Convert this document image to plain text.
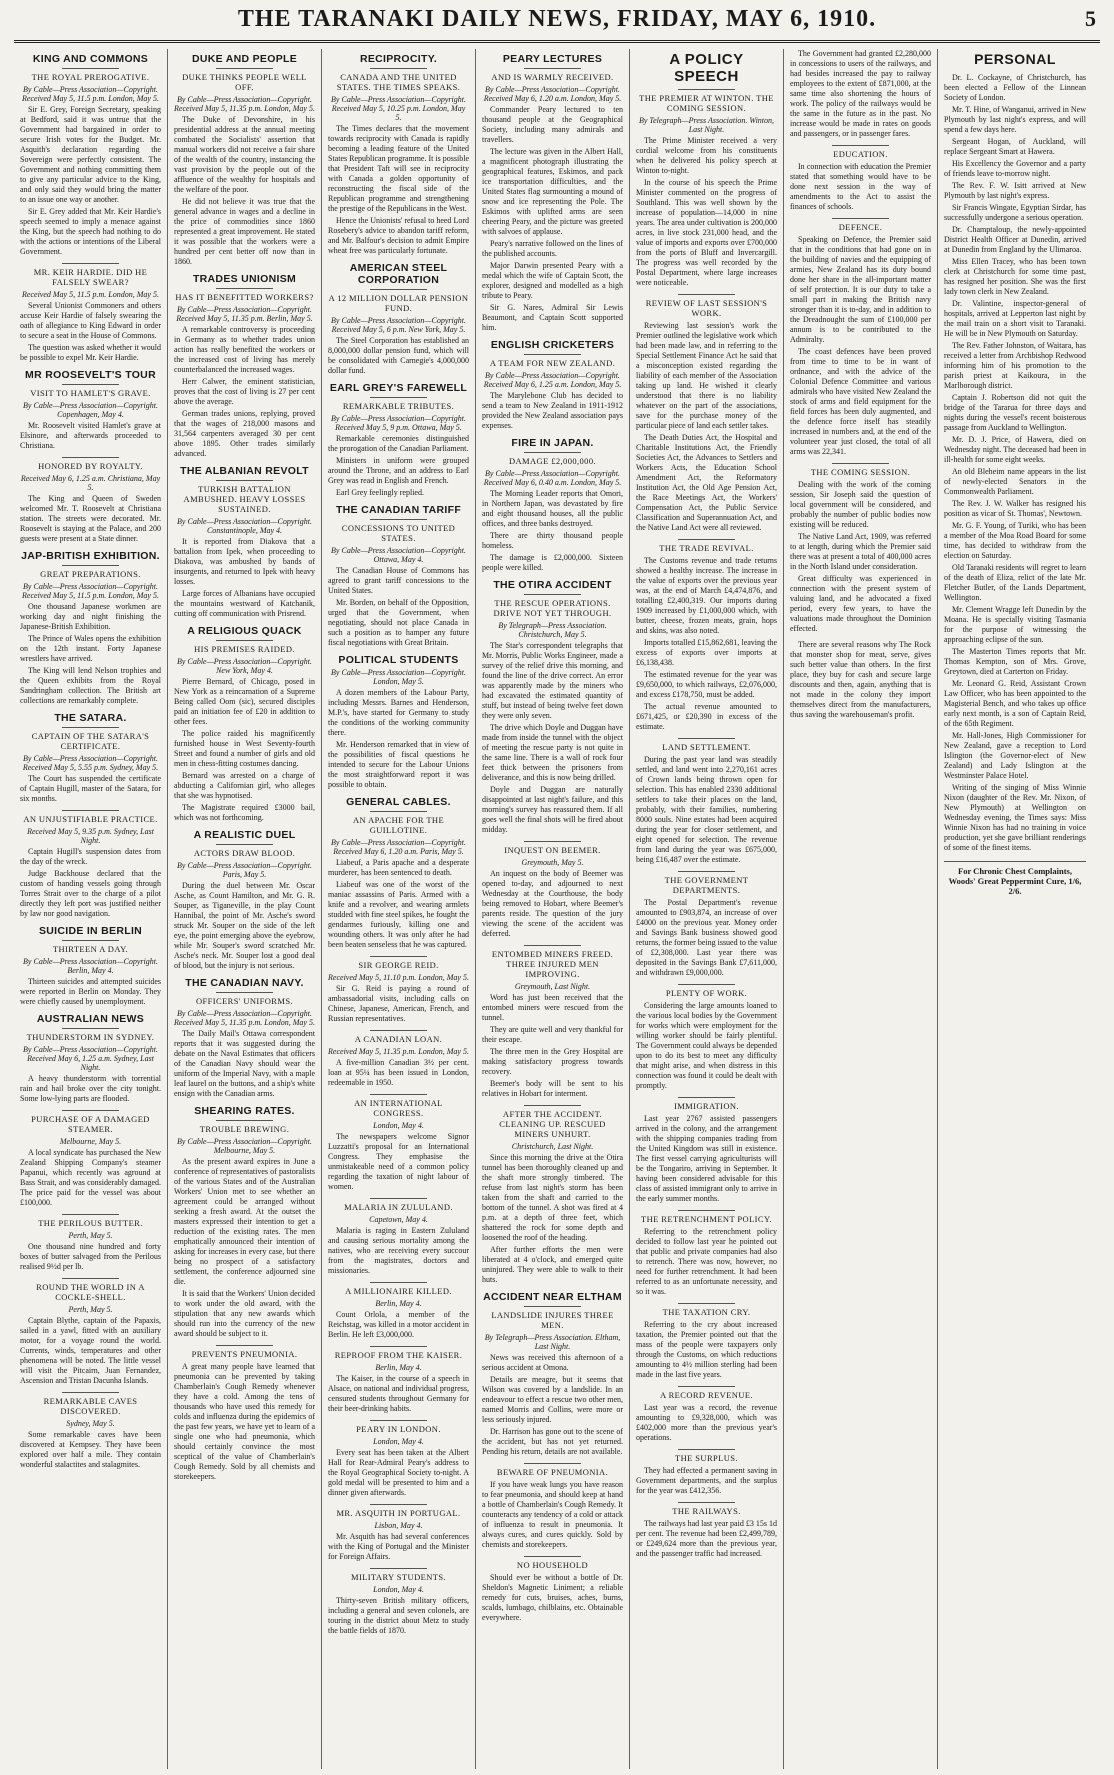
THE TARANAKI DAILY NEWS, FRIDAY, MAY 6, 1910.	5
KING AND COMMONS
THE ROYAL PREROGATIVE.
By Cable—Press Association—Copyright. Received May 5, 11.5 p.m. London, May 5.

Sir E. Grey, Foreign Secretary, speaking at Bedford, said it was untrue that the Government had bargained in order to secure Irish votes for the Budget. Mr. Asquith's declaration regarding the Sovereign were perfectly consistent. The Government and nothing committing them to give any particular advice to the King, and only said they would bring the matter to an issue one way or another.

Sir E. Grey added that Mr. Keir Hardie's speech seemed to imply a menace against the King, but the speech had nothing to do with the actions or intentions of the Liberal Government.

MR. KEIR HARDIE. DID HE FALSELY SWEAR?
Received May 5, 11.5 p.m. London, May 5.

Several Unionist Commoners and others accuse Keir Hardie of falsely swearing the oath of allegiance to King Edward in order to secure a seat in the House of Commons.

The question was asked whether it would be possible to expel Mr. Keir Hardie.

MR ROOSEVELT'S TOUR
VISIT TO HAMLET'S GRAVE.
By Cable—Press Association—Copyright. Copenhagen, May 4.

Mr. Roosevelt visited Hamlet's grave at Elsinore, and afterwards proceeded to Christiana.

HONORED BY ROYALTY.
Received May 6, 1.25 a.m. Christiana, May 5.

The King and Queen of Sweden welcomed Mr. T. Roosevelt at Christiana station. The streets were decorated. Mr. Roosevelt is staying at the Palace, and 200 guests were present at a State dinner.

JAP-BRITISH EXHIBITION.
GREAT PREPARATIONS.
By Cable—Press Association—Copyright. Received May 5, 11.5 p.m. London, May 5.

One thousand Japanese workmen are working day and night finishing the Japanese-British Exhibition.

The Prince of Wales opens the exhibition on the 12th instant. Forty Japanese wrestlers have arrived.

The King will lend Nelson trophies and the Queen exhibits from the Royal Sandringham collection. The British art collections are remarkably complete.

THE SATARA.
CAPTAIN OF THE SATARA'S CERTIFICATE.
By Cable—Press Association—Copyright. Received May 5, 5.55 p.m. Sydney, May 5.

The Court has suspended the certificate of Captain Hugill, master of the Satara, for six months.

AN UNJUSTIFIABLE PRACTICE.
Received May 5, 9.35 p.m. Sydney, Last Night.

Captain Hugill's suspension dates from the day of the wreck.

Judge Backhouse declared that the custom of handing vessels going through Torres Strait over to the charge of a pilot directly they left port was justified neither by law nor good navigation.

SUICIDE IN BERLIN
THIRTEEN A DAY.
By Cable—Press Association—Copyright. Berlin, May 4.

Thirteen suicides and attempted suicides were reported in Berlin on Monday. They were chiefly caused by unemployment.

AUSTRALIAN NEWS
THUNDERSTORM IN SYDNEY.
By Cable—Press Association—Copyright. Received May 6, 1.25 a.m. Sydney, Last Night.

A heavy thunderstorm with torrential rain and hail broke over the city tonight. Some low-lying parts are flooded.

PURCHASE OF A DAMAGED STEAMER.
Melbourne, May 5.

A local syndicate has purchased the New Zealand Shipping Company's steamer Papanui, which recently was aground at Bass Strait, and was considerably damaged. The price paid for the vessel was about £100,000.

THE PERILOUS BUTTER.
Perth, May 5.

One thousand nine hundred and forty boxes of butter salvaged from the Perilous realised 9½d per lb.

ROUND THE WORLD IN A COCKLE-SHELL.
Perth, May 5.

Captain Blythe, captain of the Papaxis, sailed in a yawl, fitted with an auxiliary motor, for a voyage round the world. Currents, winds, temperatures and other phenomena will be noted. The little vessel will visit the Pitcairn, Juan Fernandez, Ascension and Tristan Dacunha Islands.

REMARKABLE CAVES DISCOVERED.
Sydney, May 5.

Some remarkable caves have been discovered at Kempsey. They have been explored over half a mile. They contain wonderful stalactites and stalagmites.

DUKE AND PEOPLE
DUKE THINKS PEOPLE WELL OFF.
By Cable—Press Association—Copyright. Received May 5, 11.35 p.m. London, May 5.

The Duke of Devonshire, in his presidential address at the annual meeting combated the Socialists' assertion that manual workers did not receive a fair share of the wealth of the country, instancing the vast provision by the people out of the affluence of the wealthy for hospitals and the welfare of the poor.

He did not believe it was true that the general advance in wages and a decline in the price of commodities since 1860 represented a great improvement. He stated it was possible that the workers were a hundred per cent better off now than in 1860.

TRADES UNIONISM
HAS IT BENEFITTED WORKERS?
By Cable—Press Association—Copyright. Received May 5, 11.35 p.m. Berlin, May 5.

A remarkable controversy is proceeding in Germany as to whether trades union action has really benefited the workers or the increased cost of living has merely counterbalanced the increased wages.

Herr Calwer, the eminent statistician, proves that the cost of living is 27 per cent above the average.

German trades unions, replying, proved that the wages of 218,000 masons and 31,564 carpenters averaged 30 per cent above 1895. Other trades similarly advanced.

THE ALBANIAN REVOLT
TURKISH BATTALION AMBUSHED. HEAVY LOSSES SUSTAINED.
By Cable—Press Association—Copyright. Constantinople, May 4.

It is reported from Diakova that a battalion from Ipek, when proceeding to Diakova, was ambushed by bands of insurgents, and returned to Ipek with heavy losses.

Large forces of Albanians have occupied the mountains westward of Katchanik, cutting off communication with Prisrend.

A RELIGIOUS QUACK
HIS PREMISES RAIDED.
By Cable—Press Association—Copyright. New York, May 4.

Pierre Bernard, of Chicago, posed in New York as a reincarnation of a Supreme Being called Oom (sic), secured disciples paid an initiation fee of £20 in addition to other fees.

The police raided his magnificently furnished house in West Seventy-fourth Street and found a number of girls and old men in chess-fitting costumes dancing.

Bernard was arrested on a charge of abducting a Californian girl, who alleges that she was hypnotised.

The Magistrate required £3000 bail, which was not forthcoming.

A REALISTIC DUEL
ACTORS DRAW BLOOD.
By Cable—Press Association—Copyright. Paris, May 5.

During the duel between Mr. Oscar Asche, as Count Hamilton, and Mr. G. R. Souper, as Tiganeville, in the play Count Hannibal, the point of Mr. Asche's sword struck Mr. Souper on the side of the left eye, the point emerging above the eyebrow, while Mr. Souper's sword scratched Mr. Asche's neck. Mr. Souper lost a good deal of blood, but the injury is not serious.

THE CANADIAN NAVY.
OFFICERS' UNIFORMS.
By Cable—Press Association—Copyright. Received May 5, 11.35 p.m. London, May 5.

The Daily Mail's Ottawa correspondent reports that it was suggested during the debate on the Naval Estimates that officers of the Canadian Navy should wear the uniform of the Imperial Navy, with a maple leaf laurel on the buttons, and a ship's white ensign with the Canadian arms.

SHEARING RATES.
TROUBLE BREWING.
By Cable—Press Association—Copyright. Melbourne, May 5.

As the present award expires in June a conference of representatives of pastoralists of the various States and of the Australian Workers' Union met to see whether an agreement could be arranged without seeking a fresh award. At the outset the masters expressed their intention to get a reduction of the existing rates. The men emphatically announced their intention of asking for increases in every case, but there being no prospect of a satisfactory settlement, the conference adjourned sine die.

It is said that the Workers' Union decided to work under the old award, with the stipulation that any new awards which should run into the currency of the new award should be subject to it.

PREVENTS PNEUMONIA.

A great many people have learned that pneumonia can be prevented by taking Chamberlain's Cough Remedy whenever they have a cold. Among the tens of thousands who have used this remedy for colds and influenza during the epidemics of the past few years, we have yet to learn of a single one who had pneumonia, which should certainly convince the most sceptical of the value of Chamberlain's Cough Remedy. Sold by all chemists and storekeepers.

RECIPROCITY.
CANADA AND THE UNITED STATES. THE TIMES SPEAKS.
By Cable—Press Association—Copyright. Received May 5, 10.25 p.m. London, May 5.

The Times declares that the movement towards reciprocity with Canada is rapidly becoming a leading feature of the United States Republican programme. It is possible that President Taft will see in reciprocity with Canada a golden opportunity of reconstructing the fiscal side of the Republican programme and strengthening the prestige of the Republicans in the West.

Hence the Unionists' refusal to heed Lord Rosebery's advice to abandon tariff reform, and Mr. Balfour's decision to admit Empire wheat free was particularly fortunate.

AMERICAN STEEL CORPORATION
A 12 MILLION DOLLAR PENSION FUND.
By Cable—Press Association—Copyright. Received May 5, 6 p.m. New York, May 5.

The Steel Corporation has established an 8,000,000 dollar pension fund, which will be consolidated with Carnegie's 4,000,000 dollar fund.

EARL GREY'S FAREWELL
REMARKABLE TRIBUTES.
By Cable—Press Association—Copyright. Received May 5, 9 p.m. Ottawa, May 5.

Remarkable ceremonies distinguished the prorogation of the Canadian Parliament.

Ministers in uniform were grouped around the Throne, and an address to Earl Grey was read in English and French.

Earl Grey feelingly replied.

THE CANADIAN TARIFF
CONCESSIONS TO UNITED STATES.
By Cable—Press Association—Copyright. Ottawa, May 4.

The Canadian House of Commons has agreed to grant tariff concessions to the United States.

Mr. Borden, on behalf of the Opposition, urged that the Government, when negotiating, should not place Canada in such a position as to hamper any future fiscal negotiations with Great Britain.

POLITICAL STUDENTS
By Cable—Press Association—Copyright. London, May 5.

A dozen members of the Labour Party, including Messrs. Barnes and Henderson, M.P.'s, have started for Germany to study the conditions of the working community there.

Mr. Henderson remarked that in view of the possibilities of fiscal questions he intended to secure for the Labour Unions the most straightforward report it was possible to obtain.

GENERAL CABLES.
AN APACHE FOR THE GUILLOTINE.
By Cable—Press Association—Copyright. Received May 6, 1.20 a.m. Paris, May 5.

Liabeuf, a Paris apache and a desperate murderer, has been sentenced to death.

Liabeuf was one of the worst of the maniac assassins of Paris. Armed with a knife and a revolver, and wearing armlets studded with fine steel spikes, he fought the gendarmes furiously, killing one and wounding others. It was only after he had been beaten senseless that he was captured.

SIR GEORGE REID.
Received May 5, 11.10 p.m. London, May 5.

Sir G. Reid is paying a round of ambassadorial visits, including calls on Chinese, Japanese, American, French, and Russian representatives.

A CANADIAN LOAN.
Received May 5, 11.35 p.m. London, May 5.

A five-million Canadian 3½ per cent. loan at 95¼ has been issued in London, redeemable in 1950.

AN INTERNATIONAL CONGRESS.
London, May 4.

The newspapers welcome Signor Luzzatti's proposal for an International Congress. They emphasise the unmistakeable need of a common policy regarding the taxation of night labour of women.

MALARIA IN ZULULAND.
Capetown, May 4.

Malaria is raging in Eastern Zululand and causing serious mortality among the natives, who are receiving every succour from the magistrates, doctors and missionaries.

A MILLIONAIRE KILLED.
Berlin, May 4.

Count Orlola, a member of the Reichstag, was killed in a motor accident in Berlin. He left £3,000,000.

REPROOF FROM THE KAISER.
Berlin, May 4.

The Kaiser, in the course of a speech in Alsace, on national and individual progress, censured students throughout Germany for their beer-drinking habits.

PEARY IN LONDON.
London, May 4.

Every seat has been taken at the Albert Hall for Rear-Admiral Peary's address to the Royal Geographical Society to-night. A gold medal will be presented to him and a dinner given afterwards.

MR. ASQUITH IN PORTUGAL.
Lisbon, May 4.

Mr. Asquith has had several conferences with the King of Portugal and the Minister for Foreign Affairs.

MILITARY STUDENTS.
London, May 4.

Thirty-seven British military officers, including a general and seven colonels, are touring in the district about Metz to study the battle fields of 1870.

PEARY LECTURES
AND IS WARMLY RECEIVED.
By Cable—Press Association—Copyright. Received May 6, 1.20 a.m. London, May 5.

Commander Peary lectured to ten thousand people at the Geographical Society, including many admirals and travellers.

The lecture was given in the Albert Hall, a magnificent photograph illustrating the geographical features, Eskimos, and pack ice transportation difficulties, and the United States flag surmounting a mound of snow and ice representing the Pole. The Eskimos with uplifted arms are seen cheering Peary, and the picture was greeted with salvoes of applause.

Peary's narrative followed on the lines of the published accounts.

Major Darwin presented Peary with a medal which the wife of Captain Scott, the explorer, designed and modelled as a high tribute to Peary.

Sir G. Nares, Admiral Sir Lewis Beaumont, and Captain Scott supported him.

ENGLISH CRICKETERS
A TEAM FOR NEW ZEALAND.
By Cable—Press Association—Copyright. Received May 6, 1.25 a.m. London, May 5.

The Marylebone Club has decided to send a team to New Zealand in 1911-1912 provided the New Zealand association pays expenses.

FIRE IN JAPAN.
DAMAGE £2,000,000.
By Cable—Press Association—Copyright. Received May 6, 0.40 a.m. London, May 5.

The Morning Leader reports that Omori, in Northern Japan, was devastated by fire and eight thousand houses, all the public offices, and three banks destroyed.

There are thirty thousand people homeless.

The damage is £2,000,000. Sixteen people were killed.

THE OTIRA ACCIDENT
THE RESCUE OPERATIONS. DRIVE NOT YET THROUGH.
By Telegraph—Press Association. Christchurch, May 5.

The Star's correspondent telegraphs that Mr. Morris, Public Works Engineer, made a survey of the relief drive this morning, and found the line of the drive correct. An error was apparently made by the miners who had excavated the estimated quantity of stuff, but instead of being twelve feet down they were only seven.

The drive which Doyle and Duggan have made from inside the tunnel with the object of meeting the rescue party is not quite in the same line. There is a wall of rock four feet thick between the prisoners from deliverance, and this is now being drilled.

Doyle and Duggan are naturally disappointed at last night's failure, and this morning's survey has reassured them. If all goes well the final shots will be fired about midday.

INQUEST ON BEEMER.
Greymouth, May 5.

An inquest on the body of Beemer was opened to-day, and adjourned to next Wednesday at the Courthouse, the body being removed to Hobart, where Beemer's parents reside. The question of the jury viewing the scene of the accident was deferred.

ENTOMBED MINERS FREED. THREE INJURED MEN IMPROVING.
Greymouth, Last Night.

Word has just been received that the entombed miners were rescued from the tunnel.

They are quite well and very thankful for their escape.

The three men in the Grey Hospital are making satisfactory progress towards recovery.

Beemer's body will be sent to his relatives in Hobart for interment.

AFTER THE ACCIDENT. CLEANING UP. RESCUED MINERS UNHURT.
Christchurch, Last Night.

Since this morning the drive at the Otira tunnel has been thoroughly cleaned up and the shaft more strongly timbered. The refuse from last night's storm has been taken from the shaft and carried to the bottom of the tunnel. A shot was fired at 4 p.m. at a depth of three feet, which shattered the rock for some depth and loosened the roof of the heading.

After further efforts the men were liberated at 4 o'clock, and emerged quite uninjured. They were able to walk to their huts.

ACCIDENT NEAR ELTHAM
LANDSLIDE INJURES THREE MEN.
By Telegraph—Press Association. Eltham, Last Night.

News was received this afternoon of a serious accident at Omona.

Details are meagre, but it seems that Wilson was covered by a landslide. In an endeavour to effect a rescue two other men, named Morris and Collins, were more or less seriously injured.

Dr. Harrison has gone out to the scene of the accident, but has not yet returned. Pending his return, details are not available.

BEWARE OF PNEUMONIA.

If you have weak lungs you have reason to fear pneumonia, and should keep at hand a bottle of Chamberlain's Cough Remedy. It counteracts any tendency of a cold or attack of influenza to result in pneumonia. It always cures, and cures quickly. Sold by chemists and storekeepers.

NO HOUSEHOLD

Should ever be without a bottle of Dr. Sheldon's Magnetic Liniment; a reliable remedy for cuts, bruises, aches, burns, scalds, lumbago, chilblains, etc. Obtainable everywhere.

A POLICY SPEECH
THE PREMIER AT WINTON. THE COMING SESSION.
By Telegraph—Press Association. Winton, Last Night.

The Prime Minister received a very cordial welcome from his constituents when he delivered his policy speech at Winton to-night.

In the course of his speech the Prime Minister commented on the progress of Southland. This was well shown by the increase of population—14,000 in nine years. The area under cultivation is 200,000 acres, in live stock 231,000 head, and the value of imports and exports over £700,000 from the ports of Bluff and Invercargill. The progress was well recorded by the Postal Department, where large increases were noticeable.

REVIEW OF LAST SESSION'S WORK.

Reviewing last session's work the Premier outlined the legislative work which had been made law, and in referring to the Special Settlement Finance Act he said that a misconception existed regarding the liability of each member of the Association taking up land. He wished it clearly understood that there is no liability whatever on the part of the associations, save for the purchase money of the particular piece of land each settler takes.

The Death Duties Act, the Hospital and Charitable Institutions Act, the Friendly Societies Act, the Advances to Settlers and Workers Acts, the Education School Amendment Act, the Reformatory Institution Act, the Old Age Pension Act, the Race Meetings Act, the Workers' Compensation Act, the Public Service Classification and Superannuation Act, and the Native Land Act were all reviewed.

THE TRADE REVIVAL.

The Customs revenue and trade returns showed a healthy increase. The increase in the value of exports over the previous year was, at the end of March £4,474,876, and totalling £2,400,319. Our imports during 1909 increased by £1,000,000 which, with butter, cheese, frozen meats, grain, hops and skins, was also noted.

Imports totalled £15,862,681, leaving the excess of exports over imports at £6,138,438.

The estimated revenue for the year was £9,650,000, to which railways, £2,076,000, and excess £178,750, must be added.

The actual revenue amounted to £671,425, or £20,390 in excess of the estimate.

LAND SETTLEMENT.

During the past year land was steadily settled, and land went into 2,270,161 acres of Crown lands being thrown open for selection. This has enabled 2330 additional settlers to take their places on the land, probably, with their families, numbering 8000 souls. Nine estates had been acquired during the year for closer settlement, and eight opened for selection. The revenue from land during the year was £675,000, being £16,487 over the estimate.

THE GOVERNMENT DEPARTMENTS.

The Postal Department's revenue amounted to £903,874, an increase of over £4000 on the previous year. Money order and Savings Bank business showed good returns, the former being issued to the value of £2,308,000. Last year there was deposited in the Savings Bank £7,611,000, and withdrawn £9,000,000.

PLENTY OF WORK.

Considering the large amounts loaned to the various local bodies by the Government for works which were employment for the willing worker should be fairly plentiful. The Government could always be depended upon to do its best to meet any difficulty that might arise, and when distress in this connection was found it could be dealt with promptly.

IMMIGRATION.

Last year 2767 assisted passengers arrived in the colony, and the arrangement with the shipping companies trading from the United Kingdom was still in existence. The first vessel carrying agriculturists will be the Tongariro, arriving in September. It having been considered advisable for this class of assisted immigrant only to arrive in the early summer months.

THE RETRENCHMENT POLICY.

Referring to the retrenchment policy decided to follow last year he pointed out that public and private companies had also to retrench. There was now, however, no need for further retrenchment. It had been referred to as an unfortunate necessity, and so it was.

THE TAXATION CRY.

Referring to the cry about increased taxation, the Premier pointed out that the mass of the people were taxpayers only through the Customs, on which reductions amounting to 4½ million sterling had been made in the last five years.

A RECORD REVENUE.

Last year was a record, the revenue amounting to £9,328,000, which was £402,000 more than the previous year's operations.

THE SURPLUS.

They had effected a permanent saving in Government departments, and the surplus for the year was £412,356.

THE RAILWAYS.

The railways had last year paid £3 15s 1d per cent. The revenue had been £2,499,789, or £249,624 more than the previous year, and the passenger traffic had increased.

The Government had granted £2,280,000 in concessions to users of the railways, and had besides increased the pay to railway employees to the extent of £871,000, at the same time also shortening the hours of work. The policy of the railways would be the same in the future as in the past. No increase would be made in rates on goods and passengers, or in passenger fares.

EDUCATION.

In connection with education the Premier stated that something would have to be done next session in the way of amendments to the Act to assist the finances of schools.

DEFENCE.

Speaking on Defence, the Premier said that in the conditions that had gone on in the building of navies and the equipping of armies, New Zealand has its duty bound done her share in the all-important matter of self protection. It is our duty to take a small part in making the British navy stronger than it is to-day, and in addition to the Dreadnought the sum of £100,000 per annum is to be contributed to the Admiralty.

The coast defences have been proved from time to time to be in want of ordnance, and with the advice of the Colonial Defence Committee and various admirals who have visited New Zealand the stock of arms and field equipment for the field forces has been duly augmented, and the defence force itself has steadily increased in numbers and, at the end of the volunteer year just closed, the total of all arms was 22,341.

THE COMING SESSION.

Dealing with the work of the coming session, Sir Joseph said the question of local government will be considered, and probably the number of public bodies now existing will be reduced.

The Native Land Act, 1909, was referred to at length, during which the Premier said there was at present a total of 400,000 acres in the North Island under consideration.

Great difficulty was experienced in connection with the present system of valuing land, and he advocated a fixed period, every few years, to have the valuations made throughout the Dominion effected.

There are several reasons why The Rock that monster shop for meat, serve, gives such better value than others. In the first place, they buy for cash and secure large discounts and then, again, anything that is not made in the colony they import themselves direct from the manufacturers, thus saving the warehouseman's profit.

PERSONAL

Dr. L. Cockayne, of Christchurch, has been elected a Fellow of the Linnean Society of London.

Mr. T. Hine, of Wanganui, arrived in New Plymouth by last night's express, and will spend a few days here.

Sergeant Hogan, of Auckland, will replace Sergeant Smart at Hawera.

His Excellency the Governor and a party of friends leave to-morrow night.

The Rev. F. W. Isitt arrived at New Plymouth by last night's express.

Sir Francis Wingate, Egyptian Sirdar, has successfully undergone a serious operation.

Dr. Champtaloup, the newly-appointed District Health Officer at Dunedin, arrived at Dunedin from England by the Ulimaroa.

Miss Ellen Tracey, who has been town clerk at Christchurch for some time past, has resigned her position. She was the first lady town clerk in New Zealand.

Dr. Valintine, inspector-general of hospitals, arrived at Lepperton last night by the mail train on a short visit to Taranaki. He will be in New Plymouth on Saturday.

The Rev. Father Johnston, of Waitara, has received a letter from Archbishop Redwood informing him of his promotion to the parish priest at Kaikoura, in the Marlborough district.

Captain J. Robertson did not quit the bridge of the Tararua for three days and nights during the vessel's recent boisterous passage from Auckland to Wellington.

Mr. D. J. Price, of Hawera, died on Wednesday night. The deceased had been in ill-health for some eight weeks.

An old Bleheim name appears in the list of newly-elected Senators in the Commonwealth Parliament.

The Rev. J. W. Walker has resigned his position as vicar of St. Thomas', Newtown.

Mr. G. F. Young, of Turiki, who has been a member of the Moa Road Board for some time, has decided to withdraw from the election on Saturday.

Old Taranaki residents will regret to learn of the death of Eliza, relict of the late Mr. Fletcher Butler, of the Lands Department, Wellington.

Mr. Clement Wragge left Dunedin by the Moana. He is specially visiting Tasmania for the purpose of witnessing the approaching eclipse of the sun.

The Masterton Times reports that Mr. Thomas Kempton, son of Mrs. Grove, Greytown, died at Carterton on Friday.

Mr. Leonard G. Reid, Assistant Crown Law Officer, who has been appointed to the Magisterial Bench, and who takes up office early next month, is a son of Captain Reid, of the 65th Regiment.

Mr. Hall-Jones, High Commissioner for New Zealand, gave a reception to Lord Islington (the Governor-elect of New Zealand) and Lady Islington at the Westminster Palace Hotel.

Writing of the singing of Miss Winnie Nixon (daughter of the Rev. Mr. Nixon, of New Plymouth) at Wellington on Wednesday evening, the Times says: Miss Winnie Nixon has had no training in voice production, yet she gave brilliant renderings of some of the finest items.

For Chronic Chest Complaints, Woods' Great Peppermint Cure, 1/6, 2/6.
